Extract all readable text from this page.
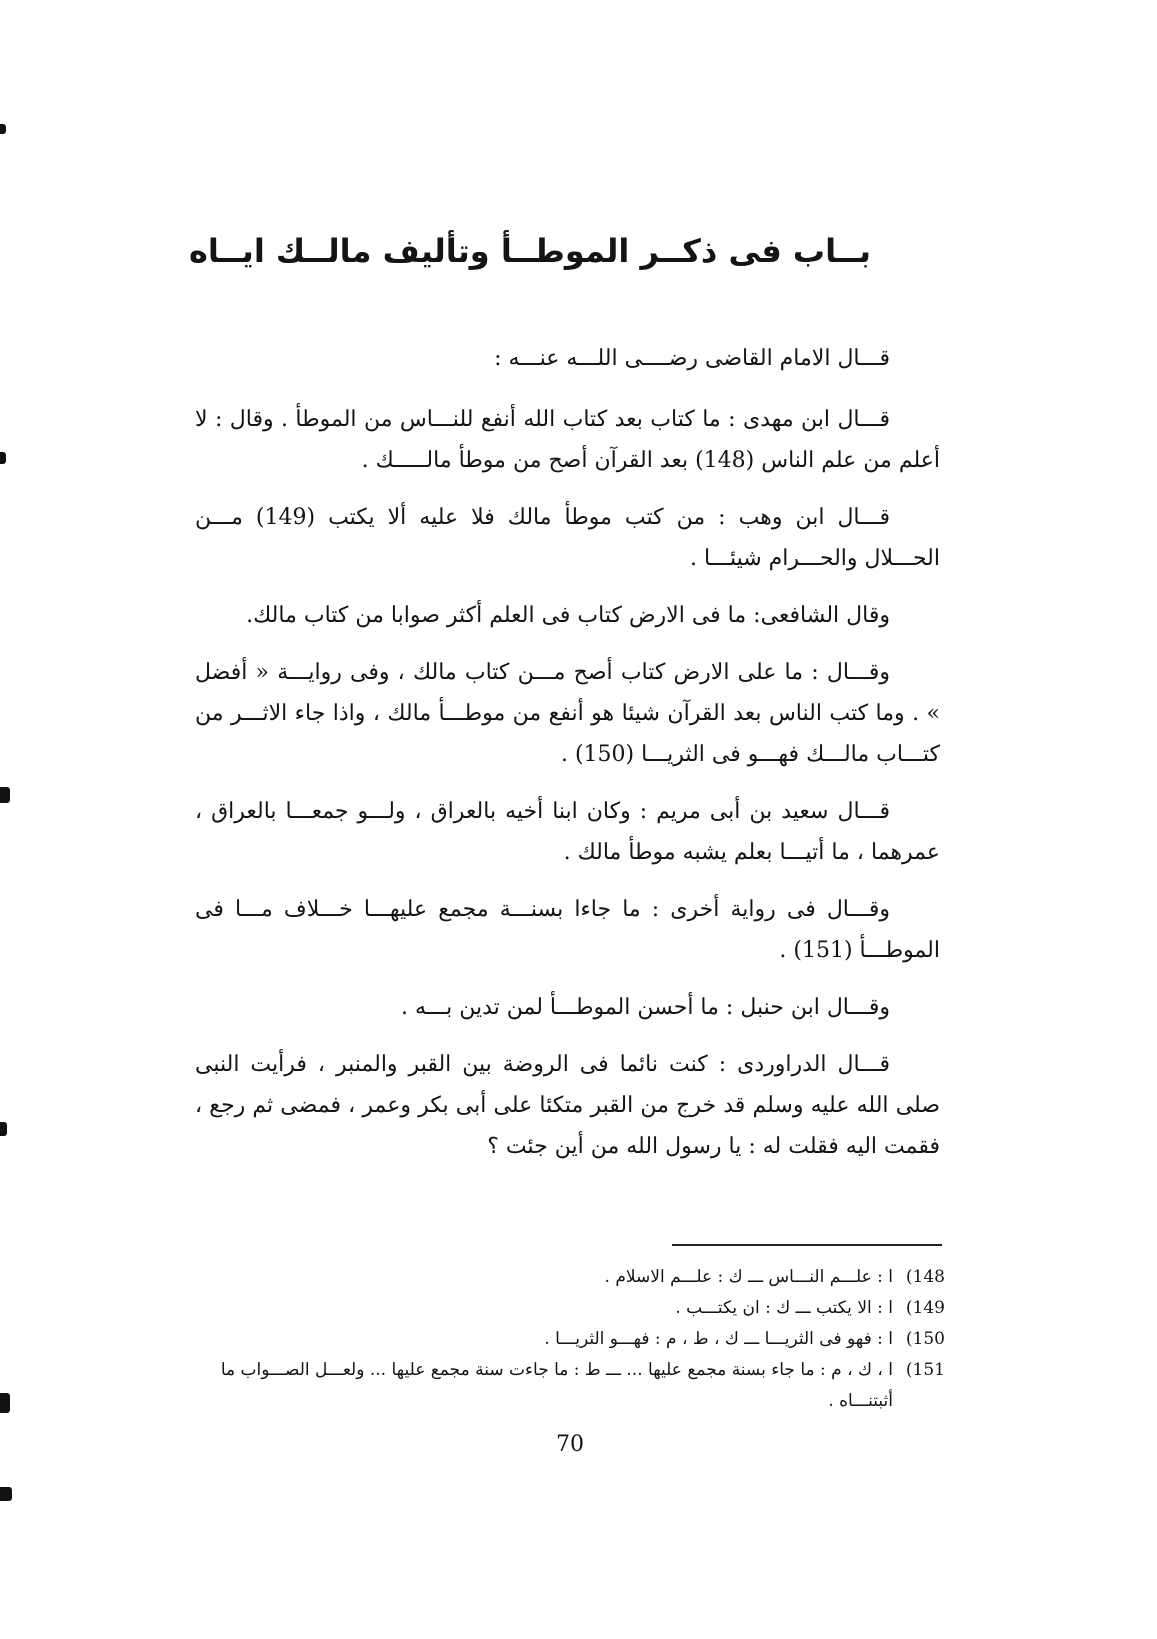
بــاب فى ذكــر الموطــأ وتأليف مالــك ايــاه

قـــال الامام القاضى رضــــى اللـــه عنـــه :

قـــال ابن مهدى : ما كتاب بعد كتاب الله أنفع للنـــاس من الموطأ . وقال : لا أعلم من علم الناس (148) بعد القرآن أصح من موطأ مالـــــك .

قـــال ابن وهب : من كتب موطأ مالك فلا عليه ألا يكتب (149) مـــن الحـــلال والحـــرام شيئـــا .

وقال الشافعى: ما فى الارض كتاب فى العلم أكثر صوابا من كتاب مالك.

وقـــال : ما على الارض كتاب أصح مـــن كتاب مالك ، وفى روايـــة « أفضل » . وما كتب الناس بعد القرآن شيئا هو أنفع من موطـــأ مالك ، واذا جاء الاثـــر من كتـــاب مالـــك فهـــو فى الثريـــا (150) .

قـــال سعيد بن أبى مريم : وكان ابنا أخيه بالعراق ، ولـــو جمعـــا بالعراق ، عمرهما ، ما أتيـــا بعلم يشبه موطأ مالك .

وقـــال فى رواية أخرى : ما جاءا بسنـــة مجمع عليهـــا خـــلاف مـــا فى الموطـــأ (151) .

وقـــال ابن حنبل : ما أحسن الموطـــأ لمن تدين بـــه .

قـــال الدراوردى : كنت نائما فى الروضة بين القبر والمنبر ، فرأيت النبى صلى الله عليه وسلم قد خرج من القبر متكئا على أبى بكر وعمر ، فمضى ثم رجع ، فقمت اليه فقلت له : يا رسول الله من أين جئت ؟

148)
ا : علـــم النـــاس ـــ ك : علـــم الاسلام .
149)
ا : الا يكتب ـــ ك : ان يكتـــب .
150)
ا : فهو فى الثريـــا ـــ ك ، ط ، م : فهـــو الثريـــا .
151)
ا ، ك ، م : ما جاء بسنة مجمع عليها ... ـــ ط : ما جاءت سنة مجمع عليها ... ولعـــل الصـــواب ما أثبتنـــاه .
70
